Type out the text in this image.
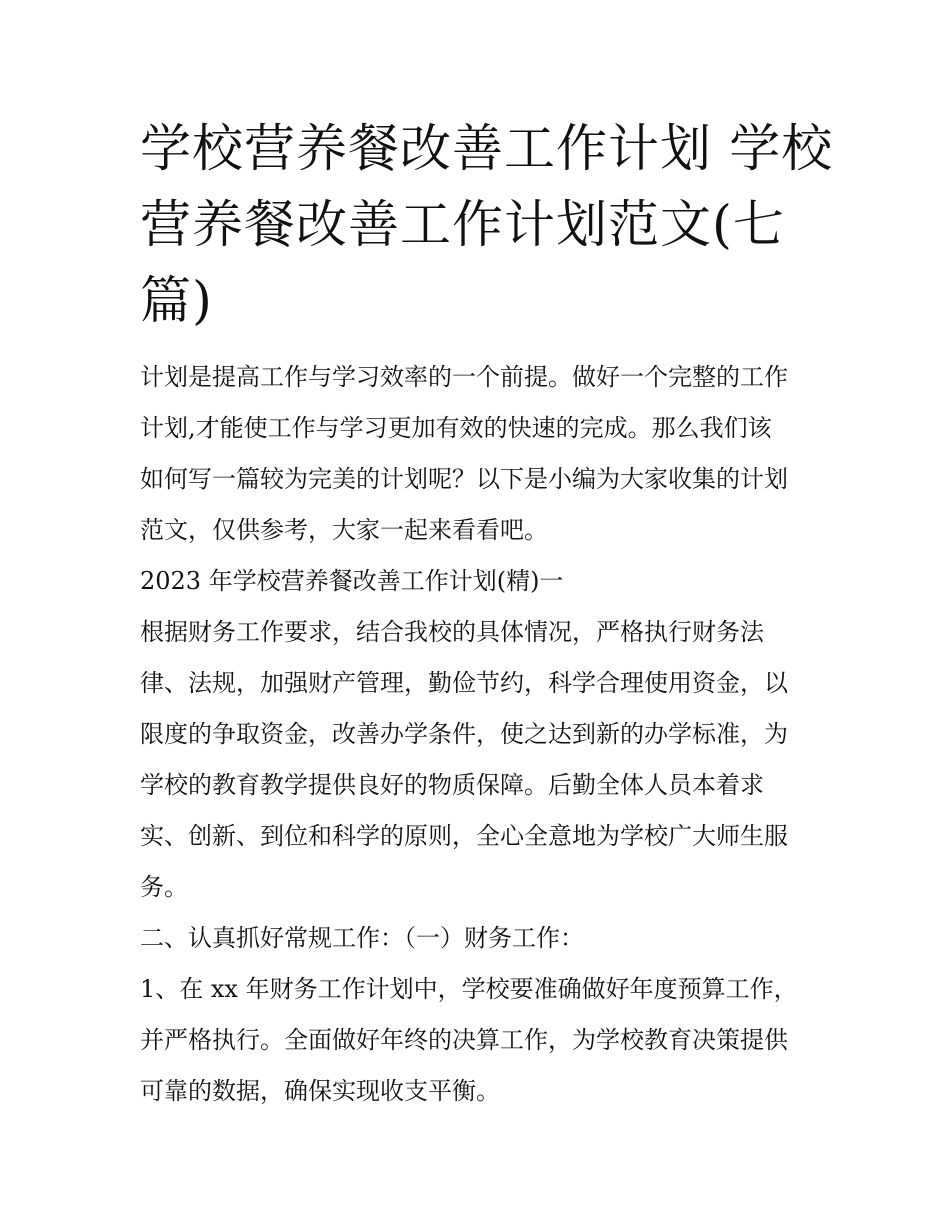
学校营养餐改善工作计划 学校
营养餐改善工作计划范文(七
篇)
计划是提高工作与学习效率的一个前提。做好一个完整的工作
计划,才能使工作与学习更加有效的快速的完成。那么我们该
如何写一篇较为完美的计划呢？以下是小编为大家收集的计划
范文，仅供参考，大家一起来看看吧。
2023 年学校营养餐改善工作计划(精)一
根据财务工作要求，结合我校的具体情况，严格执行财务法
律、法规，加强财产管理，勤俭节约，科学合理使用资金，以
限度的争取资金，改善办学条件，使之达到新的办学标准，为
学校的教育教学提供良好的物质保障。后勤全体人员本着求
实、创新、到位和科学的原则，全心全意地为学校广大师生服
务。
二、认真抓好常规工作：（一）财务工作：
1、在 xx 年财务工作计划中，学校要准确做好年度预算工作，
并严格执行。全面做好年终的决算工作，为学校教育决策提供
可靠的数据，确保实现收支平衡。
